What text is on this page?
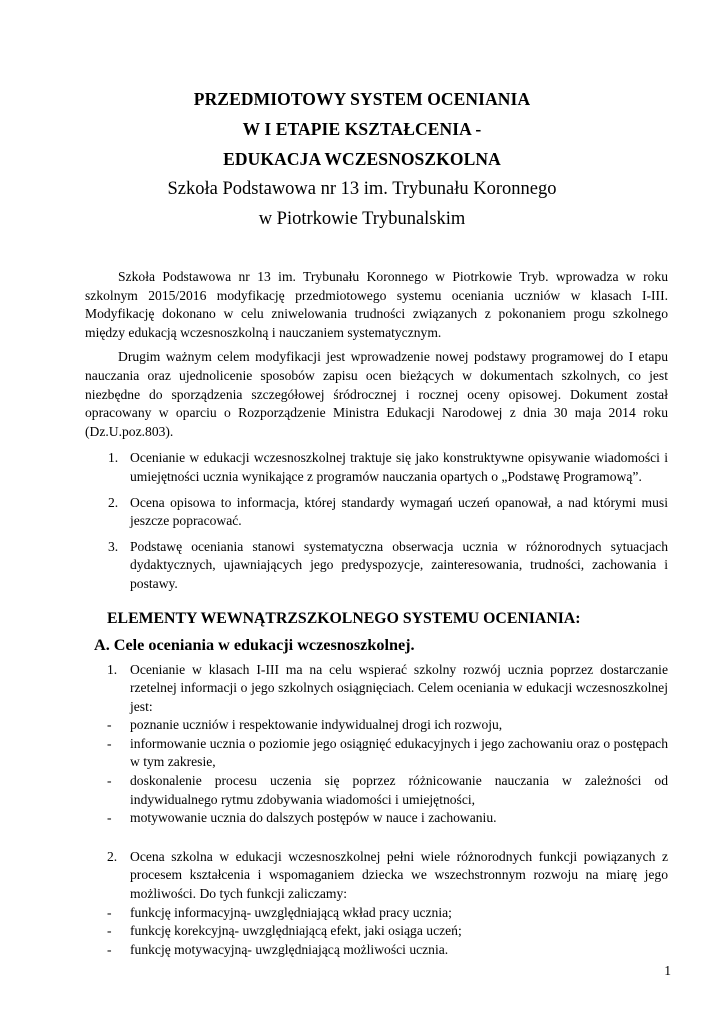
PRZEDMIOTOWY SYSTEM OCENIANIA
W I ETAPIE KSZTAŁCENIA -
EDUKACJA WCZESNOSZKOLNA
Szkoła Podstawowa nr 13 im. Trybunału Koronnego
w Piotrkowie Trybunalskim

Szkoła Podstawowa nr 13 im. Trybunału Koronnego w Piotrkowie Tryb. wprowadza w roku szkolnym 2015/2016 modyfikację przedmiotowego systemu oceniania uczniów w klasach I-III. Modyfikację dokonano w celu zniwelowania trudności związanych z pokonaniem progu szkolnego między edukacją wczesnoszkolną i nauczaniem systematycznym.

Drugim ważnym celem modyfikacji jest wprowadzenie nowej podstawy programowej do I etapu nauczania oraz ujednolicenie sposobów zapisu ocen bieżących w dokumentach szkolnych, co jest niezbędne do sporządzenia szczegółowej śródrocznej i rocznej oceny opisowej. Dokument został opracowany w oparciu o Rozporządzenie Ministra Edukacji Narodowej z dnia 30 maja 2014 roku (Dz.U.poz.803).

1. Ocenianie w edukacji wczesnoszkolnej traktuje się jako konstruktywne opisywanie wiadomości i umiejętności ucznia wynikające z programów nauczania opartych o „Podstawę Programową”.
2. Ocena opisowa to informacja, której standardy wymagań uczeń opanował, a nad którymi musi jeszcze popracować.
3. Podstawę oceniania stanowi systematyczna obserwacja ucznia w różnorodnych sytuacjach dydaktycznych, ujawniających jego predyspozycje, zainteresowania, trudności, zachowania i postawy.
ELEMENTY WEWNĄTRZSZKOLNEGO SYSTEMU OCENIANIA:
A. Cele oceniania w edukacji wczesnoszkolnej.
1. Ocenianie w klasach I-III ma na celu wspierać szkolny rozwój ucznia poprzez dostarczanie rzetelnej informacji o jego szkolnych osiągnięciach. Celem oceniania w edukacji wczesnoszkolnej jest:
- poznanie uczniów i respektowanie indywidualnej drogi ich rozwoju,
- informowanie ucznia o poziomie jego osiągnięć edukacyjnych i jego zachowaniu oraz o postępach w tym zakresie,
- doskonalenie procesu uczenia się poprzez różnicowanie nauczania w zależności od indywidualnego rytmu zdobywania wiadomości i umiejętności,
- motywowanie ucznia do dalszych postępów w nauce i zachowaniu.
2. Ocena szkolna w edukacji wczesnoszkolnej pełni wiele różnorodnych funkcji powiązanych z procesem kształcenia i wspomaganiem dziecka we wszechstronnym rozwoju na miarę jego możliwości. Do tych funkcji zaliczamy:
- funkcję informacyjną- uwzględniającą wkład pracy ucznia;
- funkcję korekcyjną- uwzględniającą efekt, jaki osiąga uczeń;
- funkcję motywacyjną- uwzględniającą możliwości ucznia.
1
